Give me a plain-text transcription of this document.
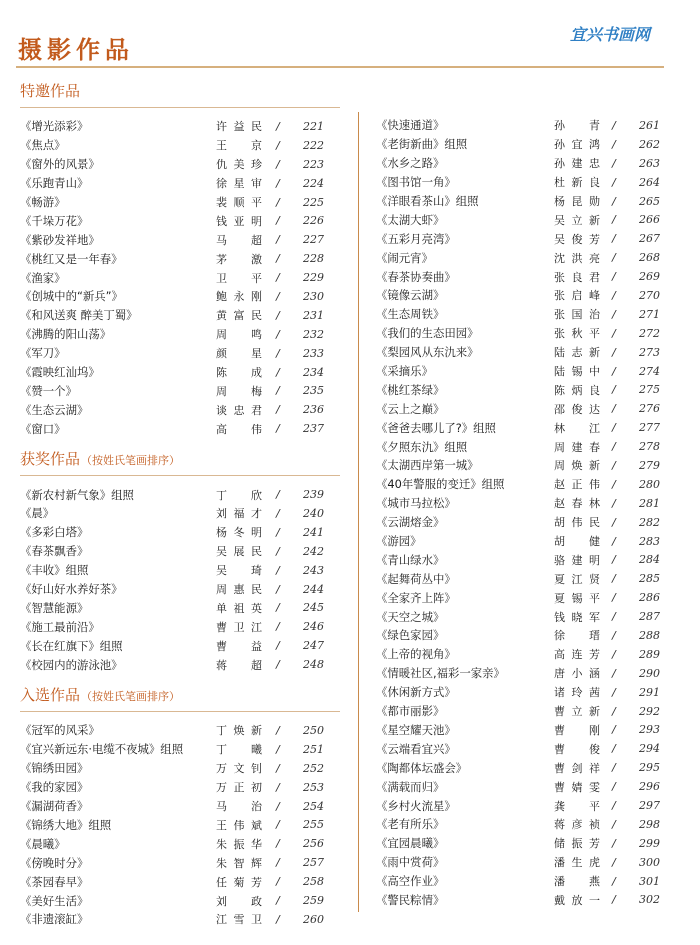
摄影作品
宜兴书画网
特邀作品
《增光添彩》	许益民 /	221
《焦点》	王京 /	222
《窗外的风景》	仇美珍 /	223
《乐跑青山》	徐星审 /	224
《畅游》	裴顺平 /	225
《千垛万花》	钱亚明 /	226
《紫砂发祥地》	马超 /	227
《桃红又是一年春》	茅激 /	228
《渔家》	卫平 /	229
《创城中的“新兵”》	鲍永刚 /	230
《和风送爽 醉美丁蜀》	黄富民 /	231
《沸腾的阳山荡》	周鸣 /	232
《军刀》	颜星 /	233
《霞映红汕坞》	陈成 /	234
《赞一个》	周梅 /	235
《生态云湖》	谈忠君 /	236
《窗口》	高伟 /	237
获奖作品（按姓氏笔画排序）
《新农村新气象》组照	丁欣 /	239
《晨》	刘福才 /	240
《多彩白塔》	杨冬明 /	241
《春茶飘香》	吴展民 /	242
《丰收》组照	吴琦 /	243
《好山好水养好茶》	周惠民 /	244
《智慧能源》	单祖英 /	245
《施工最前沿》	曹卫江 /	246
《长在红旗下》组照	曹益 /	247
《校园内的游泳池》	蒋超 /	248
入选作品（按姓氏笔画排序）
《冠军的风采》	丁焕新 /	250
《宜兴新远东·电缆不夜城》组照	丁曦 /	251
《锦绣田园》	万文钊 /	252
《我的家园》	万正初 /	253
《漏湖荷香》	马治 /	254
《锦绣大地》组照	王伟斌 /	255
《晨曦》	朱振华 /	256
《傍晚时分》	朱智辉 /	257
《茶园春早》	任菊芳 /	258
《美好生活》	刘政 /	259
《非遗滚缸》	江雪卫 /	260
《快速通道》	孙青 /	261
《老街新曲》组照	孙宜鸿 /	262
《水乡之路》	孙建忠 /	263
《图书馆一角》	杜新良 /	264
《洋眼看茶山》组照	杨昆勋 /	265
《太湖大虾》	吴立新 /	266
《五彩月亮湾》	吴俊芳 /	267
《闹元宵》	沈洪亮 /	268
《春茶协奏曲》	张良君 /	269
《镜像云湖》	张启峰 /	270
《生态周铁》	张国治 /	271
《我们的生态田园》	张秋平 /	272
《梨园风从东氿来》	陆志新 /	273
《采摘乐》	陆锡中 /	274
《桃红茶绿》	陈炳良 /	275
《云上之巅》	邵俊达 /	276
《爸爸去哪儿了?》组照	林江 /	277
《夕照东氿》组照	周建春 /	278
《太湖西岸第一城》	周焕新 /	279
《40年警服的变迁》组照	赵正伟 /	280
《城市马拉松》	赵春林 /	281
《云湖熔金》	胡伟民 /	282
《游园》	胡健 /	283
《青山绿水》	骆建明 /	284
《起舞荷丛中》	夏江贤 /	285
《全家齐上阵》	夏锡平 /	286
《天空之城》	钱晓军 /	287
《绿色家园》	徐瑨 /	288
《上帝的视角》	高连芳 /	289
《情暖社区,福彩一家亲》	唐小涵 /	290
《休闲新方式》	诸玲茜 /	291
《都市丽影》	曹立新 /	292
《星空耀天池》	曹刚 /	293
《云端看宜兴》	曹俊 /	294
《陶都体坛盛会》	曹剑祥 /	295
《满载而归》	曹婧雯 /	296
《乡村火流星》	龚平 /	297
《老有所乐》	蒋彦祯 /	298
《宜园晨曦》	储振芳 /	299
《雨中赏荷》	潘生虎 /	300
《高空作业》	潘燕 /	301
《警民粽情》	戴放一 /	302
